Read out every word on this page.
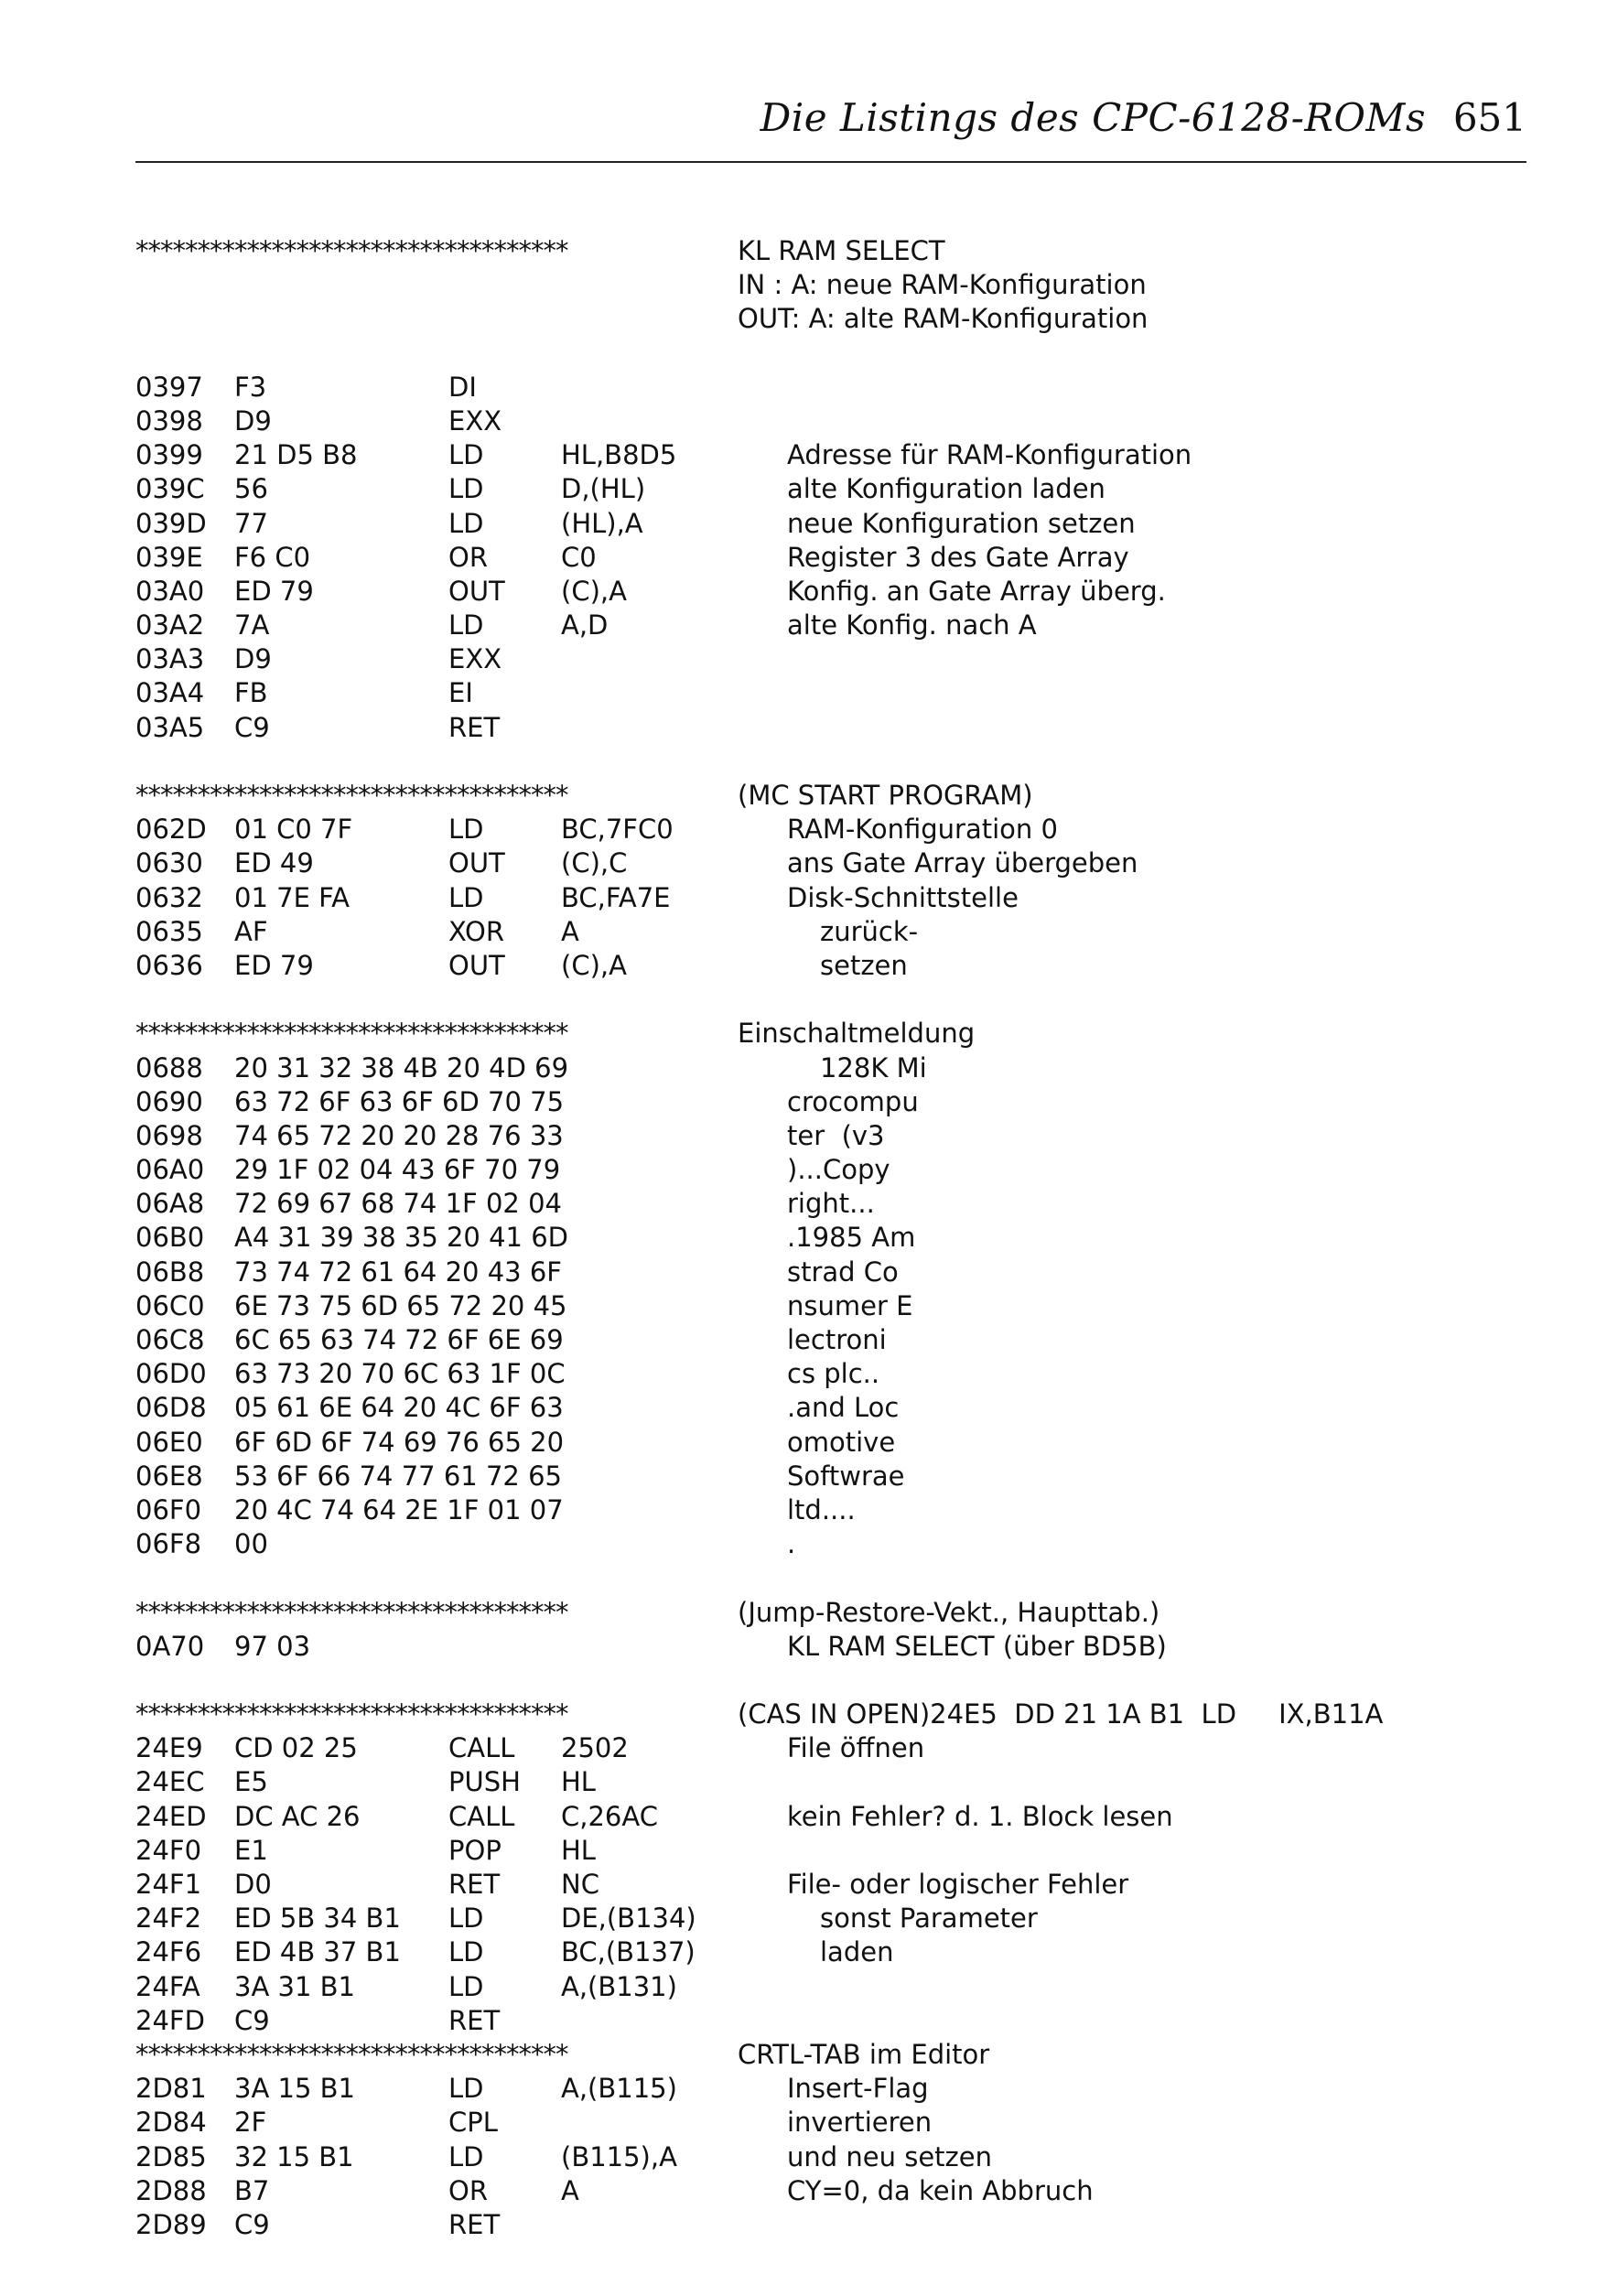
Die Listings des CPC-6128-ROMs 651
***********************************	KL RAM SELECT
IN : A: neue RAM-Konfiguration
OUT: A: alte RAM-Konfiguration
0397 F3	DI
0398 D9	EXX
0399 21 D5 B8	LD	HL,B8D5	Adresse für RAM-Konfiguration
039C 56	LD	D,(HL)	alte Konfiguration laden
039D 77	LD	(HL),A	neue Konfiguration setzen
039E F6 C0	OR	C0	Register 3 des Gate Array
03A0 ED 79	OUT (C),A	Konfig. an Gate Array überg.
03A2 7A	LD	A,D	alte Konfig. nach A
03A3 D9	EXX
03A4 FB	EI
03A5 C9	RET
***********************************	(MC START PROGRAM)
062D 01 C0 7F	LD	BC,7FC0	RAM-Konfiguration 0
0630 ED 49	OUT (C),C	ans Gate Array übergeben
0632 01 7E FA	LD	BC,FA7E	Disk-Schnittstelle
0635 AF	XOR A	zurück-
0636 ED 79	OUT (C),A	setzen
***********************************	Einschaltmeldung
0688 20 31 32 38 4B 20 4D 69	128K Mi
0690 63 72 6F 63 6F 6D 70 75	crocompu
0698 74 65 72 20 20 28 76 33	ter  (v3
06A0 29 1F 02 04 43 6F 70 79	)...Copy
06A8 72 69 67 68 74 1F 02 04	right...
06B0 A4 31 39 38 35 20 41 6D	.1985 Am
06B8 73 74 72 61 64 20 43 6F	strad Co
06C0 6E 73 75 6D 65 72 20 45	nsumer E
06C8 6C 65 63 74 72 6F 6E 69	lectroni
06D0 63 73 20 70 6C 63 1F 0C	cs plc..
06D8 05 61 6E 64 20 4C 6F 63	.and Loc
06E0 6F 6D 6F 74 69 76 65 20	omotive
06E8 53 6F 66 74 77 61 72 65	Softwrae
06F0 20 4C 74 64 2E 1F 01 07	ltd....
06F8 00	.
***********************************	(Jump-Restore-Vekt., Haupttab.)
0A70 97 03	KL RAM SELECT (über BD5B)
***********************************	(CAS IN OPEN)24E5  DD 21 1A B1  LD     IX,B11A
24E9 CD 02 25	CALL 2502	File öffnen
24EC E5	PUSH HL
24ED DC AC 26	CALL C,26AC	kein Fehler? d. 1. Block lesen
24F0 E1	POP HL
24F1 D0	RET NC	File- oder logischer Fehler
24F2 ED 5B 34 B1 LD	DE,(B134)	sonst Parameter
24F6 ED 4B 37 B1 LD	BC,(B137)	laden
24FA 3A 31 B1	LD	A,(B131)
24FD C9	RET
***********************************	CRTL-TAB im Editor
2D81 3A 15 B1	LD	A,(B115)	Insert-Flag
2D84 2F	CPL	invertieren
2D85 32 15 B1	LD	(B115),A	und neu setzen
2D88 B7	OR	A	CY=0, da kein Abbruch
2D89 C9	RET
